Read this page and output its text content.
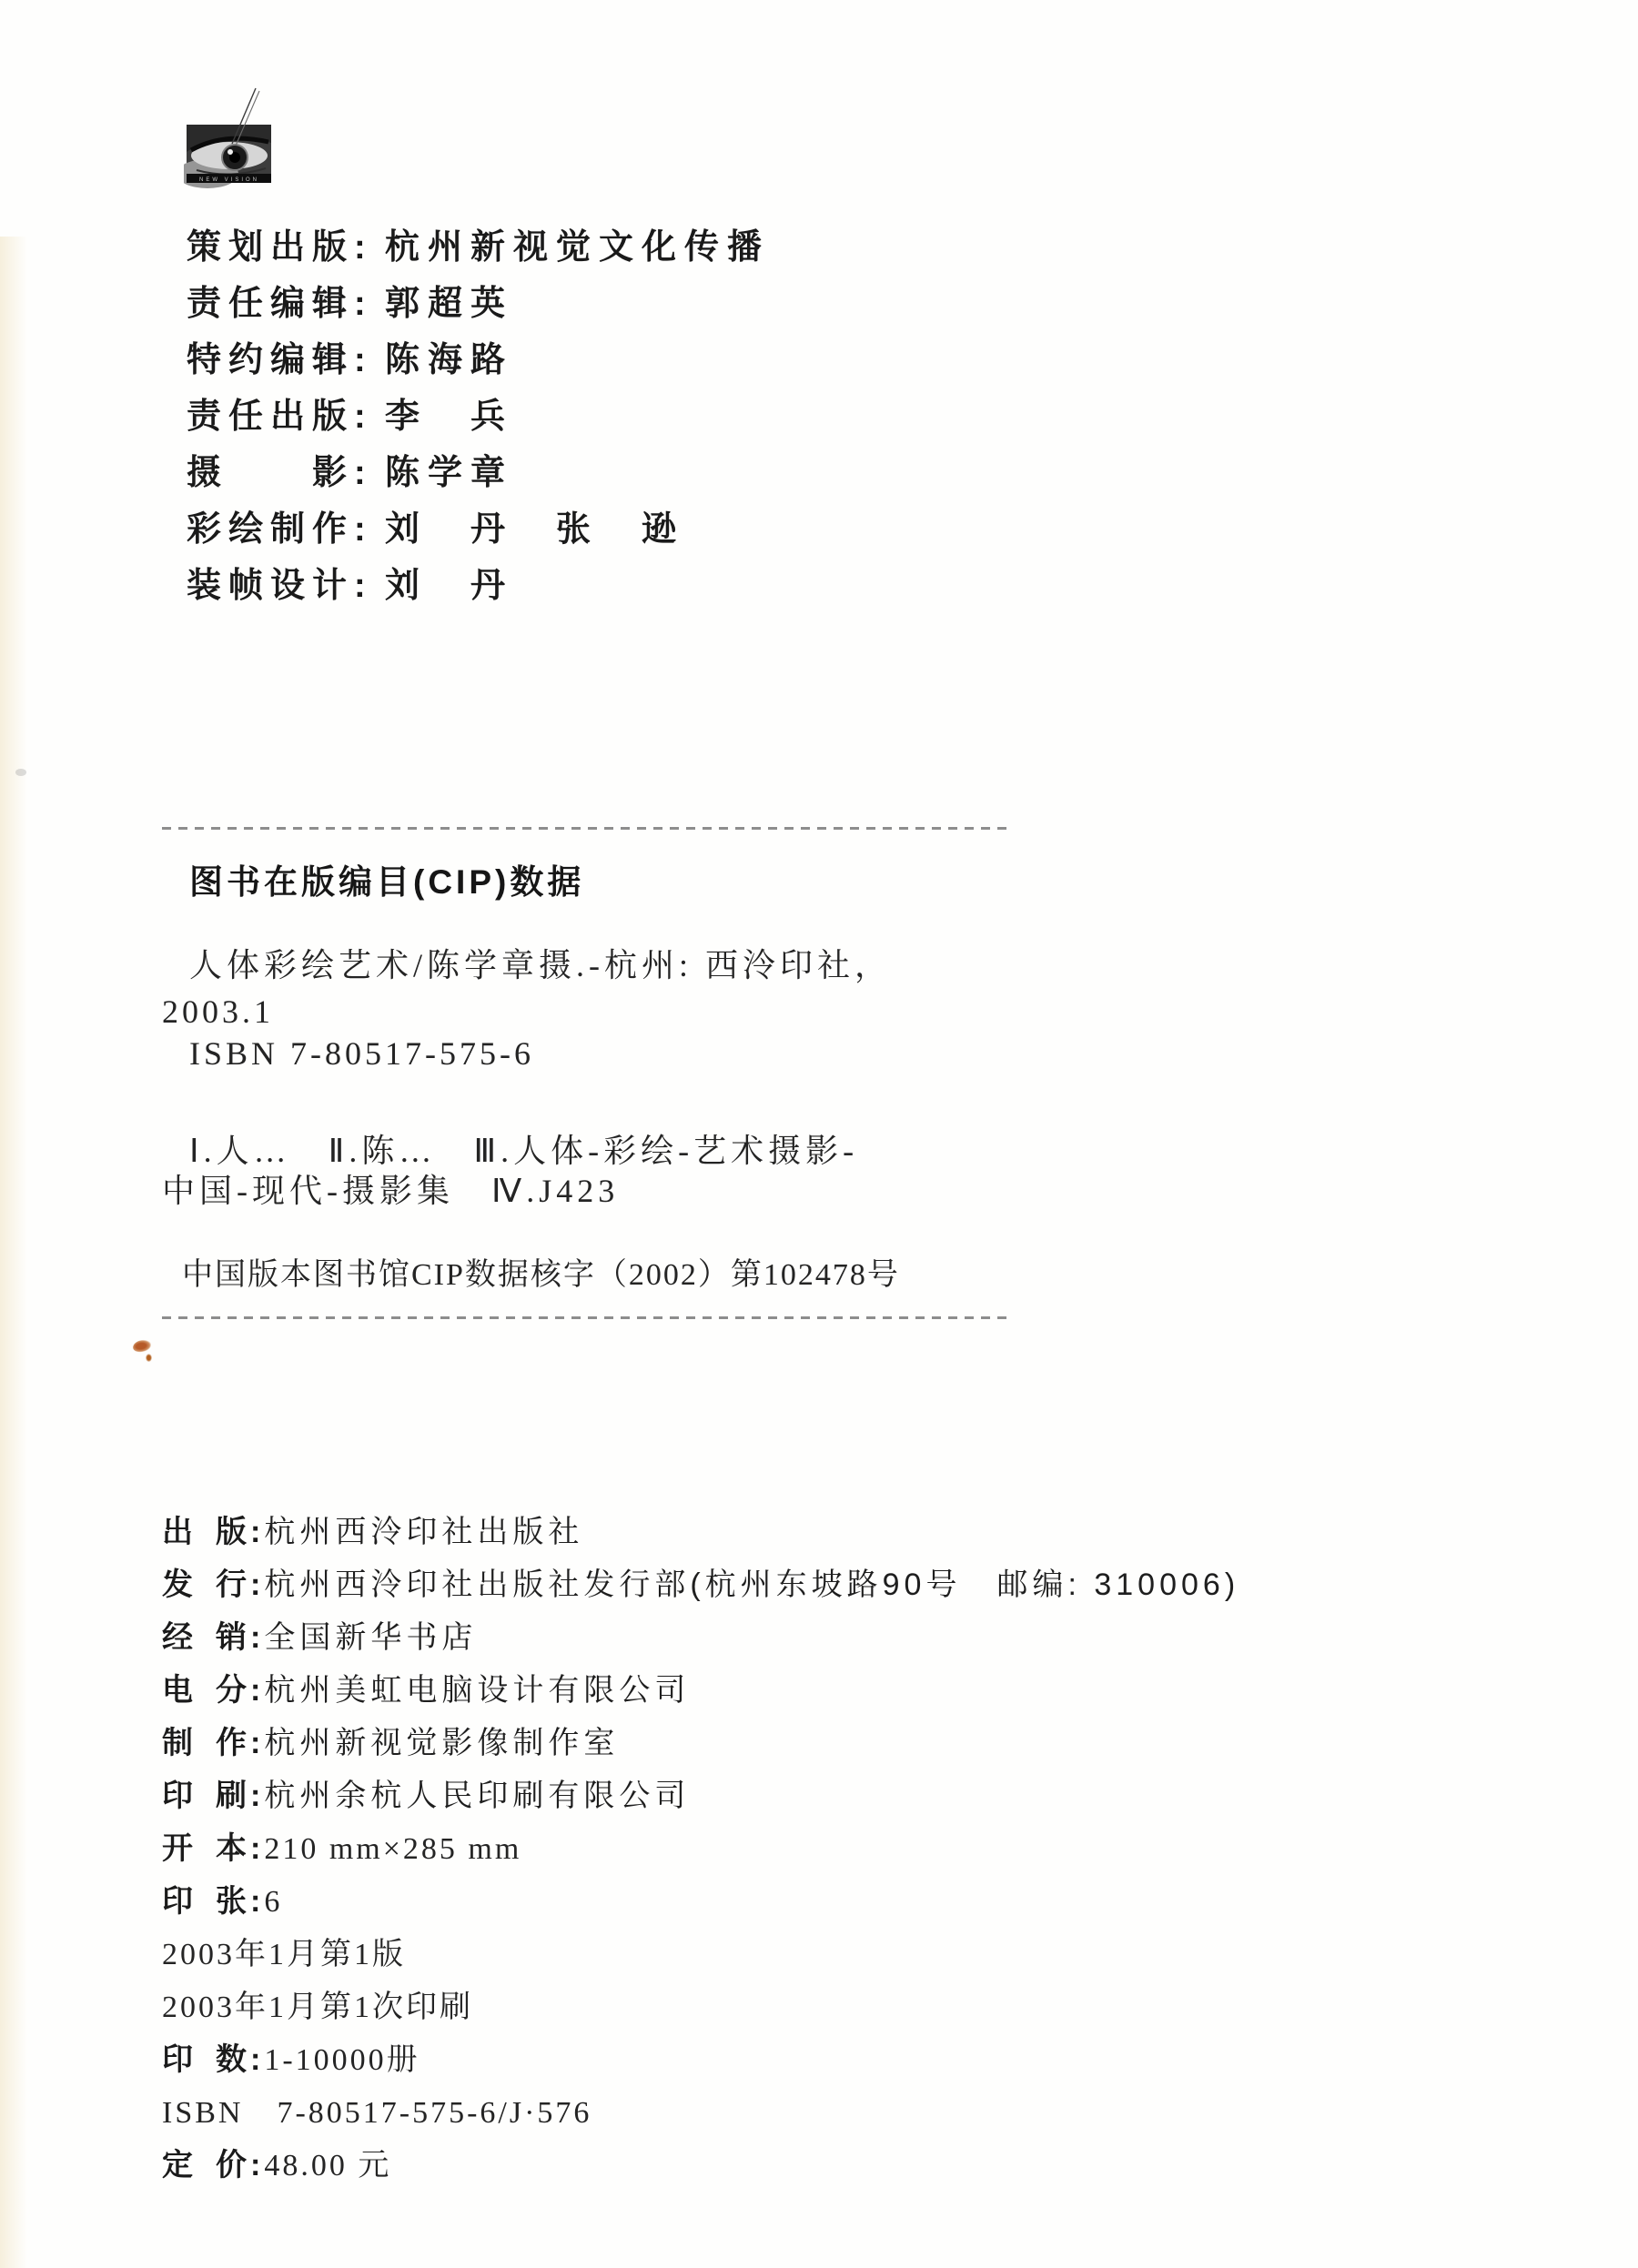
NEW VISION
策划出版: 杭州新视觉文化传播
责任编辑: 郭超英
特约编辑: 陈海路
责任出版: 李　兵
摄　　影: 陈学章
彩绘制作: 刘　丹　张　逊
装帧设计: 刘　丹
图书在版编目(CIP)数据
人体彩绘艺术/陈学章摄.-杭州: 西泠印社，
2003.1
ISBN 7-80517-575-6
Ⅰ.人…　Ⅱ.陈…　Ⅲ.人体-彩绘-艺术摄影-
中国-现代-摄影集　Ⅳ.J423
中国版本图书馆CIP数据核字（2002）第102478号
出 版:杭州西泠印社出版社
发 行:杭州西泠印社出版社发行部(杭州东坡路90号　邮编: 310006)
经 销:全国新华书店
电 分:杭州美虹电脑设计有限公司
制 作:杭州新视觉影像制作室
印 刷:杭州余杭人民印刷有限公司
开 本:210 mm×285 mm
印 张:6
2003年1月第1版
2003年1月第1次印刷
印 数:1-10000册
ISBN　7-80517-575-6/J·576
定 价:48.00 元
